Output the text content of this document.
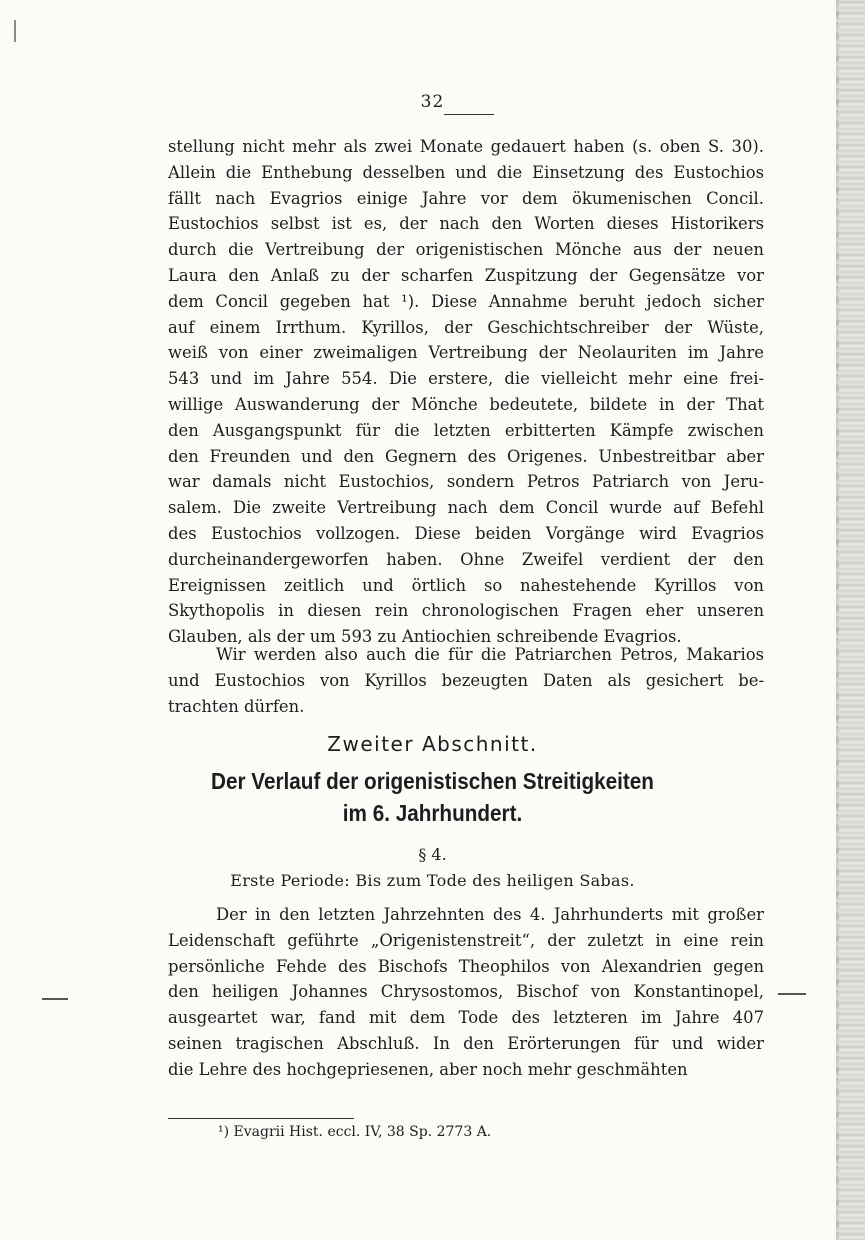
32
stellung nicht mehr als zwei Monate gedauert haben (s. oben S. 30).
Allein die Enthebung desselben und die Einsetzung des Eustochios
fällt nach Evagrios einige Jahre vor dem ökumenischen Concil.
Eustochios selbst ist es, der nach den Worten dieses Historikers
durch die Vertreibung der origenistischen Mönche aus der neuen
Laura den Anlaß zu der scharfen Zuspitzung der Gegensätze vor
dem Concil gegeben hat ¹). Diese Annahme beruht jedoch sicher
auf einem Irrthum. Kyrillos, der Geschichtschreiber der Wüste,
weiß von einer zweimaligen Vertreibung der Neolauriten im Jahre
543 und im Jahre 554. Die erstere, die vielleicht mehr eine frei-
willige Auswanderung der Mönche bedeutete, bildete in der That
den Ausgangspunkt für die letzten erbitterten Kämpfe zwischen
den Freunden und den Gegnern des Origenes. Unbestreitbar aber
war damals nicht Eustochios, sondern Petros Patriarch von Jeru-
salem. Die zweite Vertreibung nach dem Concil wurde auf Befehl
des Eustochios vollzogen. Diese beiden Vorgänge wird Evagrios
durcheinandergeworfen haben. Ohne Zweifel verdient der den
Ereignissen zeitlich und örtlich so nahestehende Kyrillos von
Skythopolis in diesen rein chronologischen Fragen eher unseren
Glauben, als der um 593 zu Antiochien schreibende Evagrios.
Wir werden also auch die für die Patriarchen Petros, Makarios
und Eustochios von Kyrillos bezeugten Daten als gesichert be-
trachten dürfen.
Zweiter Abschnitt.
Der Verlauf der origenistischen Streitigkeiten
im 6. Jahrhundert.
§ 4.
Erste Periode: Bis zum Tode des heiligen Sabas.
Der in den letzten Jahrzehnten des 4. Jahrhunderts mit großer
Leidenschaft geführte „Origenistenstreit“, der zuletzt in eine rein
persönliche Fehde des Bischofs Theophilos von Alexandrien gegen
den heiligen Johannes Chrysostomos, Bischof von Konstantinopel,
ausgeartet war, fand mit dem Tode des letzteren im Jahre 407
seinen tragischen Abschluß. In den Erörterungen für und wider
die Lehre des hochgepriesenen, aber noch mehr geschmähten
¹) Evagrii Hist. eccl. IV, 38 Sp. 2773 A.
